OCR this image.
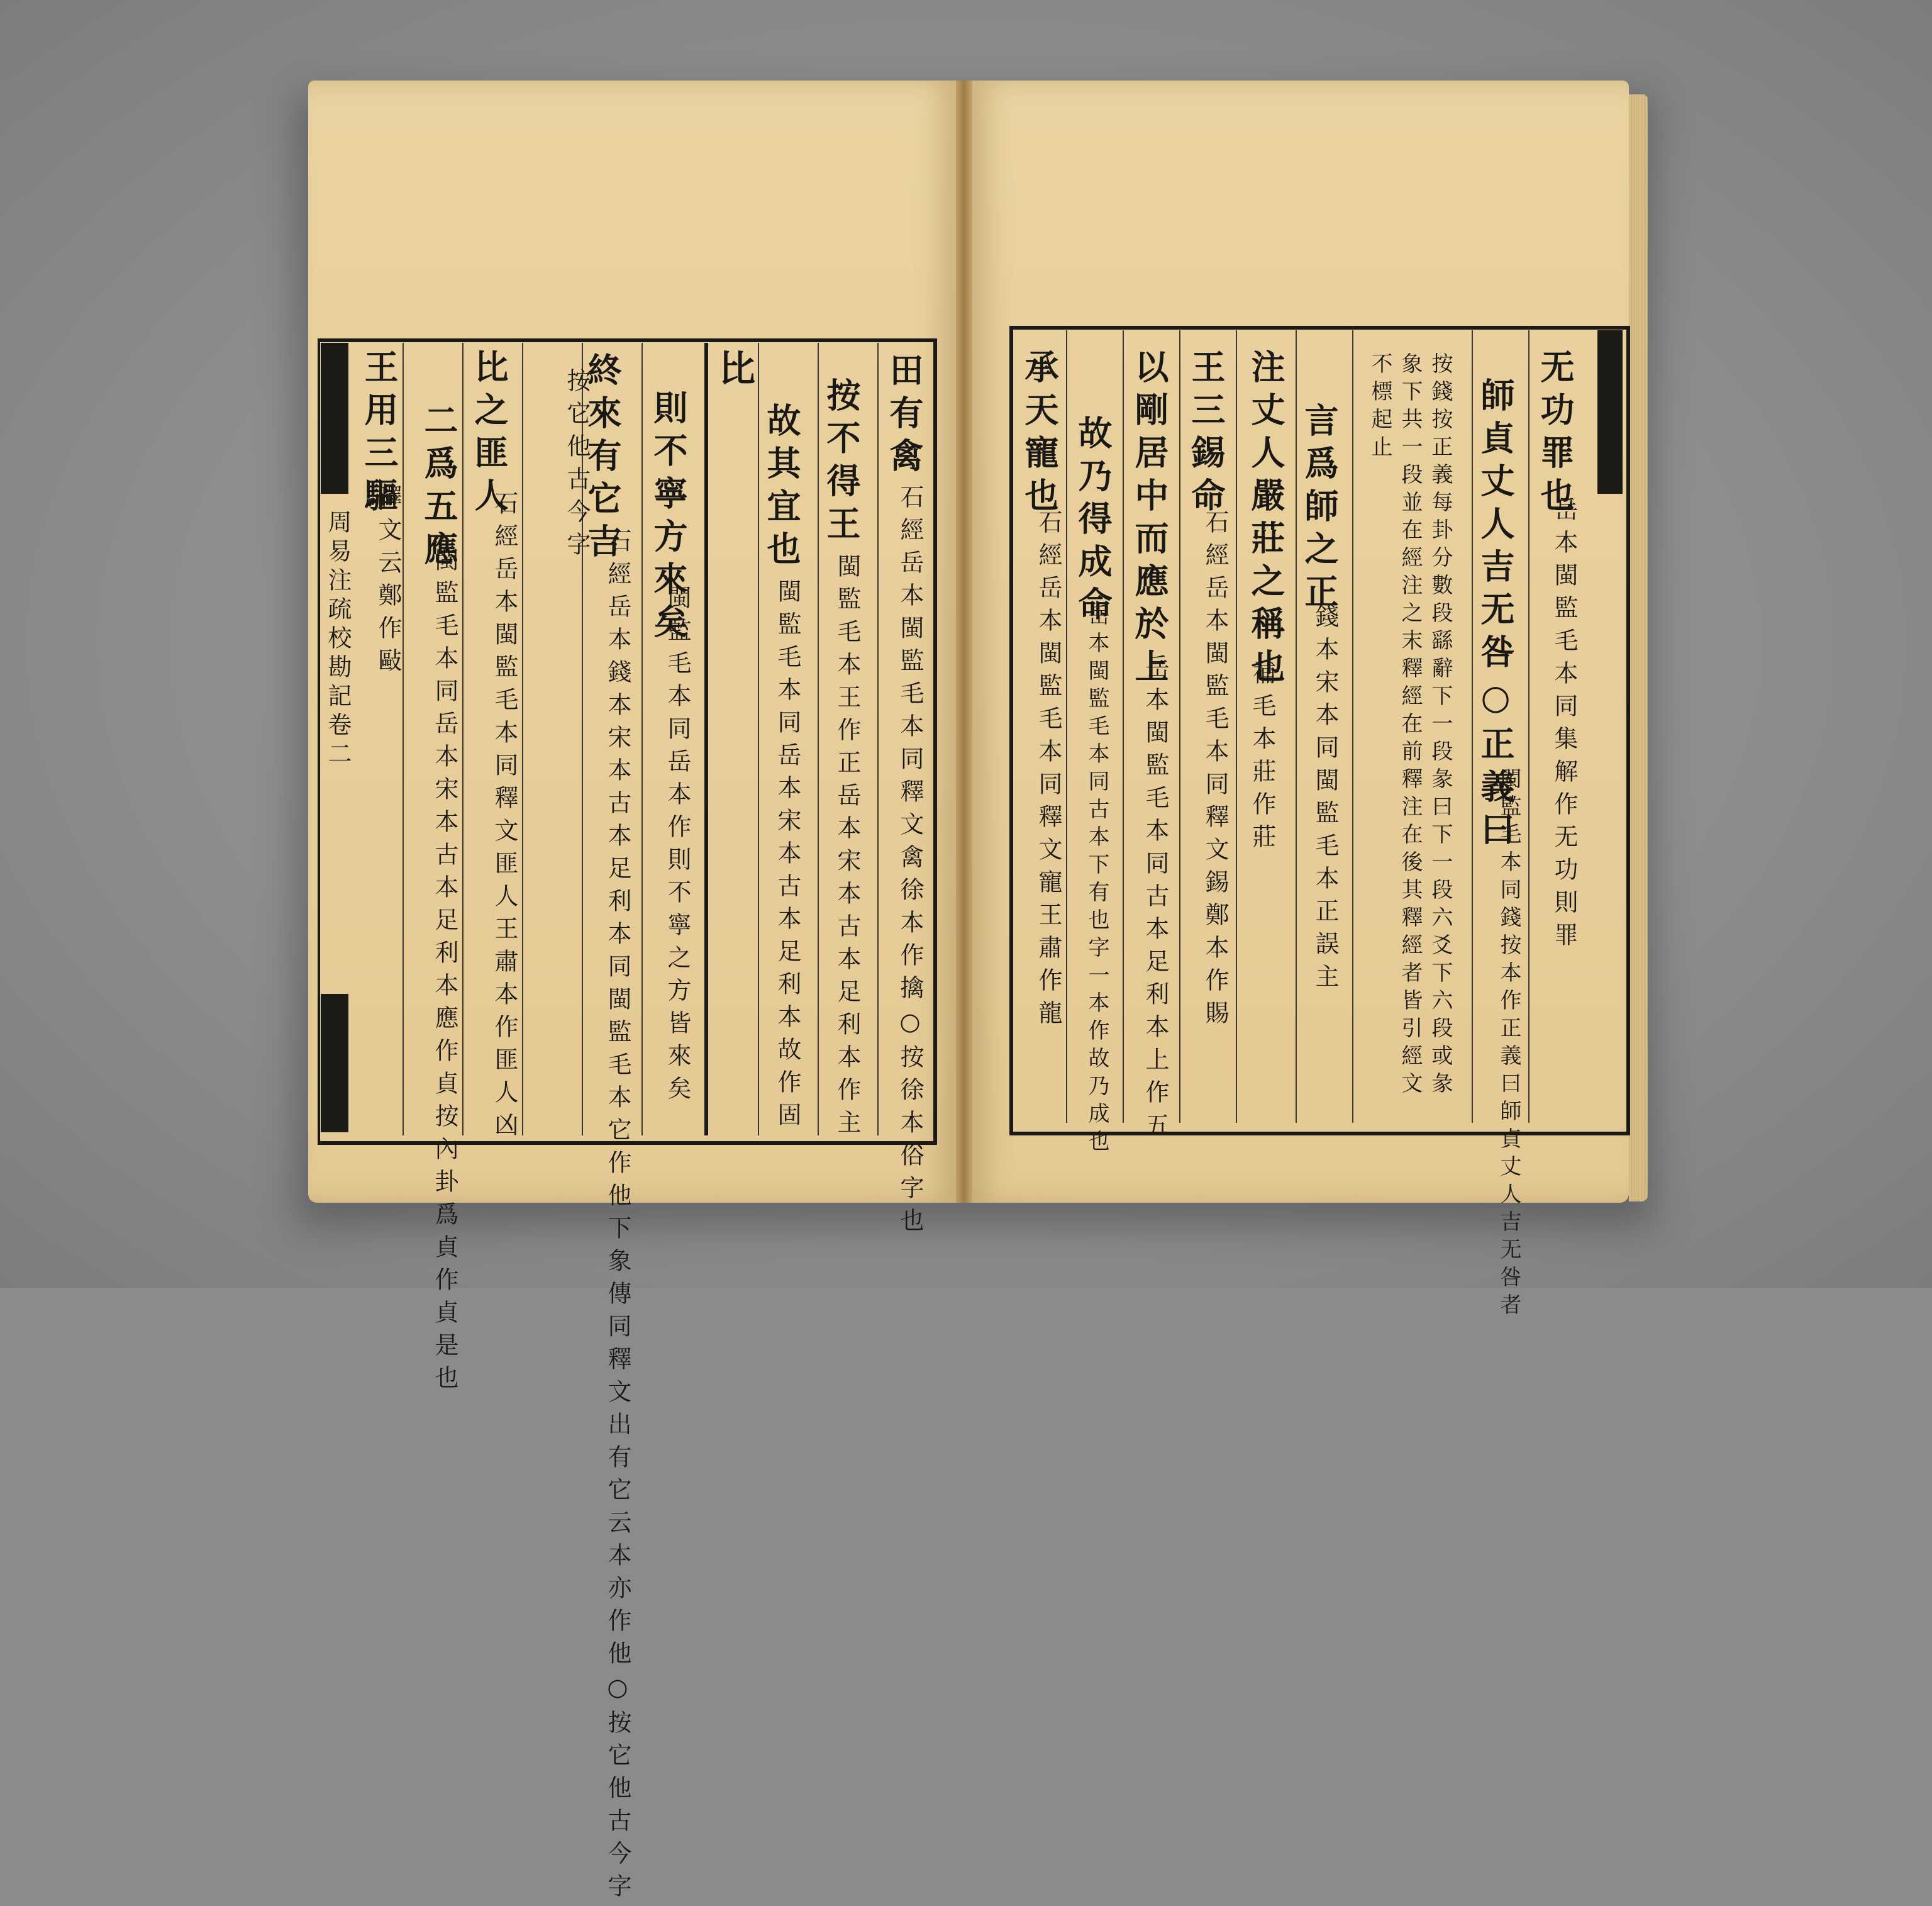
周易注疏校勘記卷二
田有禽
石經岳本閩監毛本同釋文禽徐本作擒○按徐本俗字也
按不得王
閩監毛本王作正岳本宋本古本足利本作主
故其宜也
閩監毛本同岳本宋本古本足利本故作固
比
則不寧方來矣
閩監毛本同岳本作則不寧之方皆來矣
終來有它吉
石經岳本錢本宋本古本足利本同閩監毛本它作他下象傳同釋文出有它云本亦作他○按它他古今字
按它他古今字
比之匪人
石經岳本閩監毛本同釋文匪人王肅本作匪人凶
二爲五應
閩監毛本同岳本宋本古本足利本應作貞按內卦爲貞作貞是也
王用三驅
釋文云鄭作敺
无功罪也
岳本閩監毛本同集解作无功則罪
師貞丈人吉无咎○正義曰
閩監毛本同錢按本作正義曰師貞丈人吉无咎者
按錢按正義每卦分數段繇辭下一段彖曰下一段六爻下六段或彖象下共一段並在經注之末釋經在前釋注在後其釋經者皆引經文不標起止
言爲師之正
錢本宋本同閩監毛本正誤主
注丈人嚴莊之稱也
補毛本莊作莊
王三錫命
石經岳本閩監毛本同釋文錫鄭本作賜
以剛居中而應於上
岳本閩監毛本同古本足利本上作五
故乃得成命
岳本閩監毛本同古本下有也字一本作故乃成也
承天寵也
石經岳本閩監毛本同釋文寵王肅作龍
